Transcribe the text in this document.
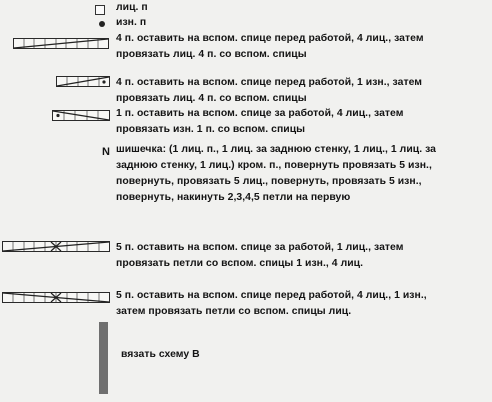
лиц. п
изн. п
4 п. оставить на вспом. спице перед работой, 4 лиц., затем
провязать лиц. 4 п. со вспом. спицы
4 п. оставить на вспом. спице перед работой, 1 изн., затем
провязать лиц. 4 п. со вспом. спицы
1 п. оставить на вспом. спице за работой, 4 лиц., затем
провязать изн. 1 п. со вспом. спицы
N шишечка: (1 лиц. п., 1 лиц. за заднюю стенку, 1 лиц., 1 лиц. за
заднюю стенку, 1 лиц.) кром. п., повернуть провязать 5 изн.,
повернуть, провязать 5 лиц., повернуть, провязать 5 изн.,
повернуть, накинуть 2,3,4,5 петли на первую
5 п. оставить на вспом. спице за работой, 1 лиц., затем
провязать петли со вспом. спицы 1 изн., 4 лиц.
5 п. оставить на вспом. спице перед работой, 4 лиц., 1 изн.,
затем провязать петли со вспом. спицы лиц.
вязать схему В
